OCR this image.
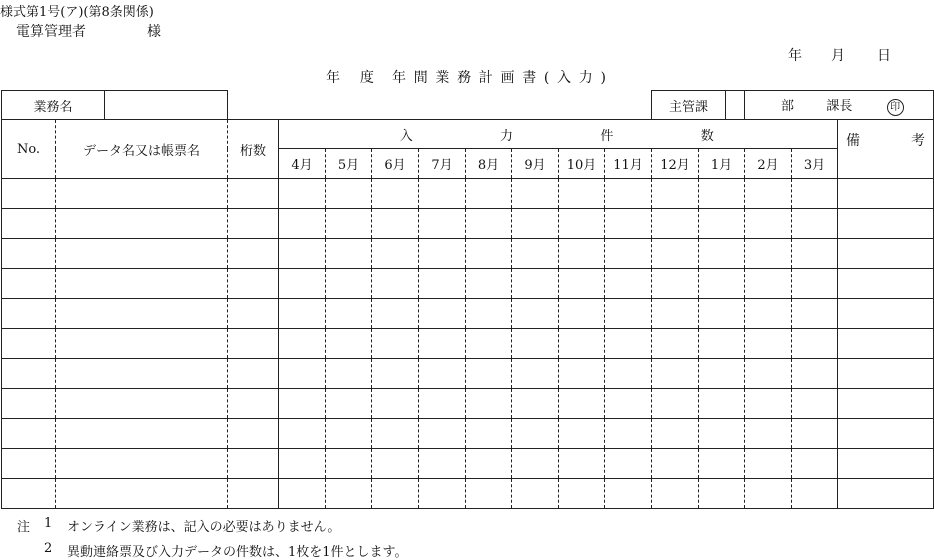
様式第1号(ア)(第8条関係)
電算管理者	様
年 月 日
年 度 年間業務計画書(入力)
業務名											主管課		部 課長 印		
No.	データ名又は帳票名	桁数	入 力 件 数												備 考

			4月	5月	6月	7月	8月	9月	10月	11月	12月	1月	2月	3月	

注 1 オンライン業務は、記入の必要はありません。
2 異動連絡票及び入力データの件数は、1枚を1件とします。
